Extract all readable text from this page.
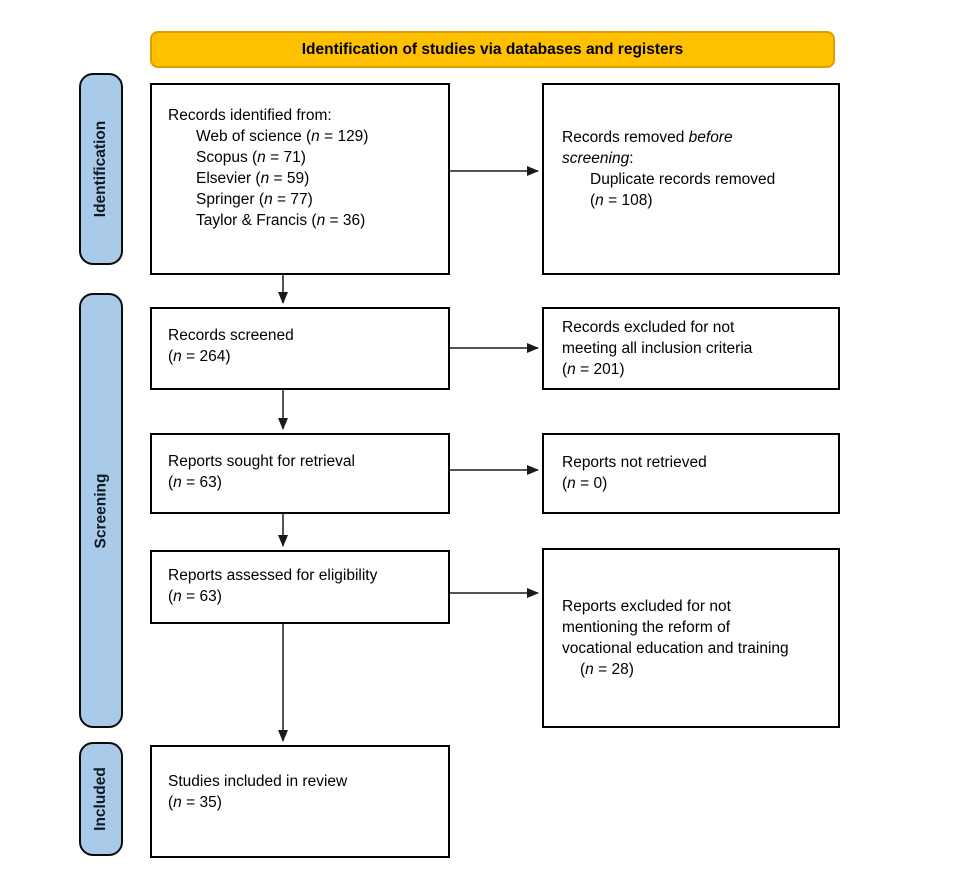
Identification of studies via databases and registers
Identification
Screening
Included
Records identified from:
Web of science (n = 129)
Scopus (n = 71)
Elsevier (n = 59)
Springer (n = 77)
Taylor & Francis (n = 36)
Records removed before
screening:
Duplicate records removed
(n = 108)
Records screened
(n = 264)
Records excluded for not
meeting all inclusion criteria
(n = 201)
Reports sought for retrieval
(n = 63)
Reports not retrieved
(n = 0)
Reports assessed for eligibility
(n = 63)
Reports excluded for not
mentioning the reform of
vocational education and training
(n = 28)
Studies included in review
(n = 35)
